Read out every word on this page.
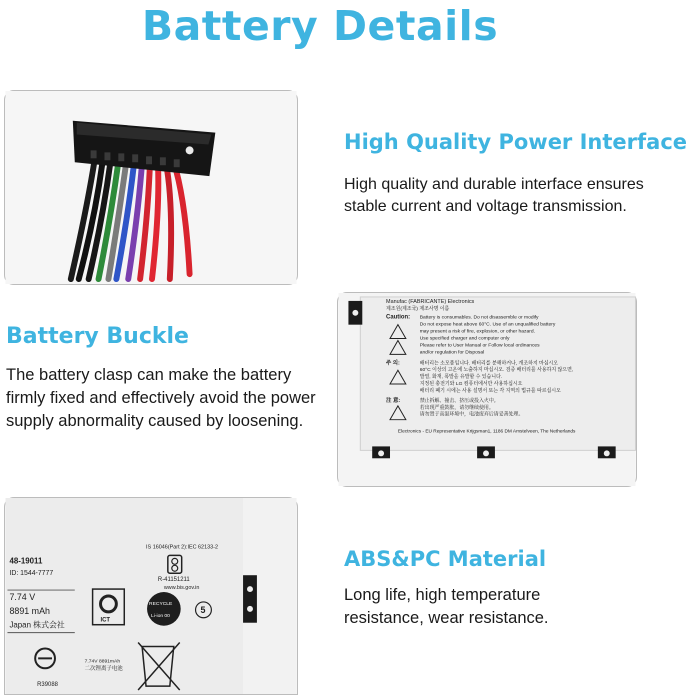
Battery Details
High Quality Power Interface
High quality and durable interface ensures
stable current and voltage transmission.
Battery Buckle
The battery clasp can make the battery
firmly fixed and effectively avoid the power
supply abnormality caused by loosening.
Manufac (FABRICANTE) Electronics
제조원(제조국) 제조사명 이름
Caution: Battery is consumables. Do not disassemble or modify
Do not expose heat above 60°C. Use of an unqualified battery
may present a risk of fire, explosion, or other hazard.
Use specified charger and computer only
Please refer to User Manual or Follow local ordinances
and/or regulation for Disposal
주 의:	배터리는 소모품입니다. 배터리를 분해하거나, 개조하지 마십시오
60°C 이상의 고온에 노출하지 마십시오. 검증 배터리를 사용하지 않으면,
발열, 화재, 폭발을 유발할 수 있습니다.
지정된 충전기와 LG 컴퓨터에서만 사용하십시오
배터리 폐기 시에는 사용 설명서 또는 각 지역의 법규를 따르십시오
注 意:	禁止拆解、撞击、挤压或投入火中。
若出现严重鼓胀，请勿继续使用。
请勿置于高温环境中，电池废弃后请妥善处理。
Electronics - EU Representative Krijgsman1, 1186 DM Amstelveen, The Netherlands
48-19011
ID: 1544-7777
7.74 V
8891 mAh
Japan 株式会社
IS 16046(Part 2):IEC 62133-2
R-41151211
www.bis.gov.in
ICT
RECYCLE
Li-ion 00
5
7.74V 8891mAh
二次锂离子电池
R39088
ABS&PC Material
Long life, high temperature
resistance, wear resistance.
